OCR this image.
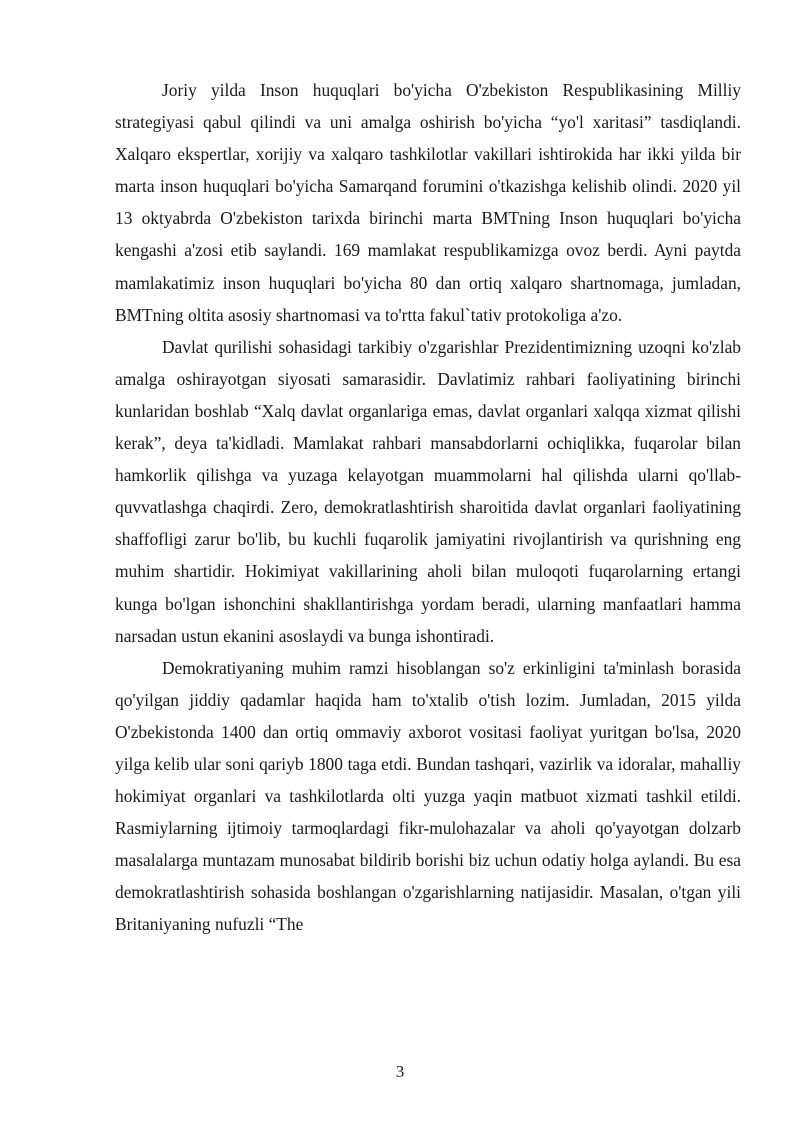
Joriy yilda Inson huquqlari bo'yicha O'zbekiston Respublikasining Milliy strategiyasi qabul qilindi va uni amalga oshirish bo'yicha “yo'l xaritasi” tasdiqlandi. Xalqaro ekspertlar, xorijiy va xalqaro tashkilotlar vakillari ishtirokida har ikki yilda bir marta inson huquqlari bo'yicha Samarqand forumini o'tkazishga kelishib olindi. 2020 yil 13 oktyabrda O'zbekiston tarixda birinchi marta BMTning Inson huquqlari bo'yicha kengashi a'zosi etib saylandi. 169 mamlakat respublikamizga ovoz berdi. Ayni paytda mamlakatimiz inson huquqlari bo'yicha 80 dan ortiq xalqaro shartnomaga, jumladan, BMTning oltita asosiy shartnomasi va to'rtta fakul`tativ protokoliga a'zo.

Davlat qurilishi sohasidagi tarkibiy o'zgarishlar Prezidentimizning uzoqni ko'zlab amalga oshirayotgan siyosati samarasidir. Davlatimiz rahbari faoliyatining birinchi kunlaridan boshlab “Xalq davlat organlariga emas, davlat organlari xalqqa xizmat qilishi kerak”, deya ta'kidladi. Mamlakat rahbari mansabdorlarni ochiqlikka, fuqarolar bilan hamkorlik qilishga va yuzaga kelayotgan muammolarni hal qilishda ularni qo'llab-quvvatlashga chaqirdi. Zero, demokratlashtirish sharoitida davlat organlari faoliyatining shaffofligi zarur bo'lib, bu kuchli fuqarolik jamiyatini rivojlantirish va qurishning eng muhim shartidir. Hokimiyat vakillarining aholi bilan muloqoti fuqarolarning ertangi kunga bo'lgan ishonchini shakllantirishga yordam beradi, ularning manfaatlari hamma narsadan ustun ekanini asoslaydi va bunga ishontiradi.

Demokratiyaning muhim ramzi hisoblangan so'z erkinligini ta'minlash borasida qo'yilgan jiddiy qadamlar haqida ham to'xtalib o'tish lozim. Jumladan, 2015 yilda O'zbekistonda 1400 dan ortiq ommaviy axborot vositasi faoliyat yuritgan bo'lsa, 2020 yilga kelib ular soni qariyb 1800 taga etdi. Bundan tashqari, vazirlik va idoralar, mahalliy hokimiyat organlari va tashkilotlarda olti yuzga yaqin matbuot xizmati tashkil etildi. Rasmiylarning ijtimoiy tarmoqlardagi fikr-mulohazalar va aholi qo'yayotgan dolzarb masalalarga muntazam munosabat bildirib borishi biz uchun odatiy holga aylandi. Bu esa demokratlashtirish sohasida boshlangan o'zgarishlarning natijasidir. Masalan, o'tgan yili Britaniyaning nufuzli “The

3
